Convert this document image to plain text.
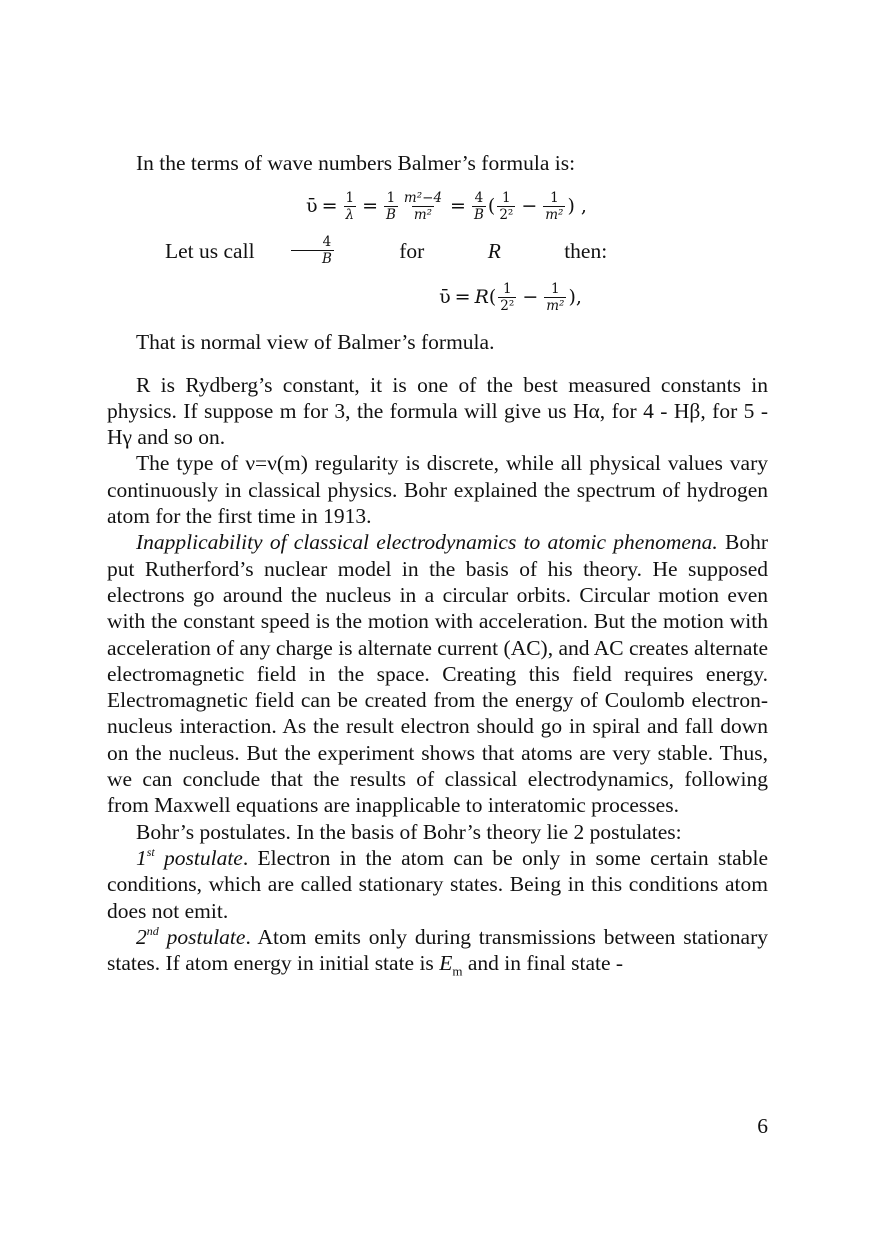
In the terms of wave numbers Balmer’s formula is:

ῡ = $\frac{1}{\lambda} = \frac{1}{B} \frac{\text{m²−4}}{\text{m²}} = \frac{4}{B}$ ( $\frac{1}{\text{2²}} - \frac{1}{\text{m²}}$ ) ,

Let us call
	$\frac{4}{B}$
	for
	R
	then:

ῡ = R ( $\frac{1}{\text{2²}} - \frac{1}{\text{m²}}$ ),

That is normal view of Balmer’s formula.

R is Rydberg’s constant, it is one of the best measured constants in physics. If suppose m for 3, the formula will give us Hα, for 4 - Hβ, for 5 - Hγ and so on.

The type of ν=ν(m) regularity is discrete, while all physical values vary continuously in classical physics. Bohr explained the spectrum of hydrogen atom for the first time in 1913.

Inapplicability of classical electrodynamics to atomic phenomena. Bohr put Rutherford’s nuclear model in the basis of his theory. He supposed electrons go around the nucleus in a circular orbits. Circular motion even with the constant speed is the motion with acceleration. But the motion with acceleration of any charge is alternate current (AC), and AC creates alternate electromagnetic field in the space. Creating this field requires energy. Electromagnetic field can be created from the energy of Coulomb electron-nucleus interaction. As the result electron should go in spiral and fall down on the nucleus. But the experiment shows that atoms are very stable. Thus, we can conclude that the results of classical electrodynamics, following from Maxwell equations are inapplicable to interatomic processes.

Bohr’s postulates. In the basis of Bohr’s theory lie 2 postulates:

1st postulate. Electron in the atom can be only in some certain stable conditions, which are called stationary states. Being in this conditions atom does not emit.

2nd postulate. Atom emits only during transmissions between stationary states. If atom energy in initial state is $E_m$ and in final state -

6
